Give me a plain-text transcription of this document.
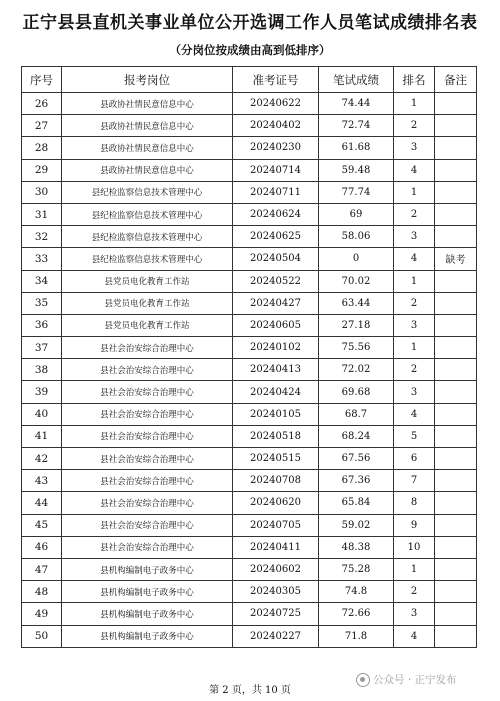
正宁县县直机关事业单位公开选调工作人员笔试成绩排名表
（分岗位按成绩由高到低排序）
序号	报考岗位	准考证号	笔试成绩	排名	备注
26	县政协社情民意信息中心	20240622	74.44	1	
27	县政协社情民意信息中心	20240402	72.74	2	
28	县政协社情民意信息中心	20240230	61.68	3	
29	县政协社情民意信息中心	20240714	59.48	4	
30	县纪检监察信息技术管理中心	20240711	77.74	1	
31	县纪检监察信息技术管理中心	20240624	69	2	
32	县纪检监察信息技术管理中心	20240625	58.06	3	
33	县纪检监察信息技术管理中心	20240504	0	4	缺考
34	县党员电化教育工作站	20240522	70.02	1	
35	县党员电化教育工作站	20240427	63.44	2	
36	县党员电化教育工作站	20240605	27.18	3	
37	县社会治安综合治理中心	20240102	75.56	1	
38	县社会治安综合治理中心	20240413	72.02	2	
39	县社会治安综合治理中心	20240424	69.68	3	
40	县社会治安综合治理中心	20240105	68.7	4	
41	县社会治安综合治理中心	20240518	68.24	5	
42	县社会治安综合治理中心	20240515	67.56	6	
43	县社会治安综合治理中心	20240708	67.36	7	
44	县社会治安综合治理中心	20240620	65.84	8	
45	县社会治安综合治理中心	20240705	59.02	9	
46	县社会治安综合治理中心	20240411	48.38	10	
47	县机构编制电子政务中心	20240602	75.28	1	
48	县机构编制电子政务中心	20240305	74.8	2	
49	县机构编制电子政务中心	20240725	72.66	3	
50	县机构编制电子政务中心	20240227	71.8	4	
第 2 页，共 10 页
公众号 · 正宁发布
